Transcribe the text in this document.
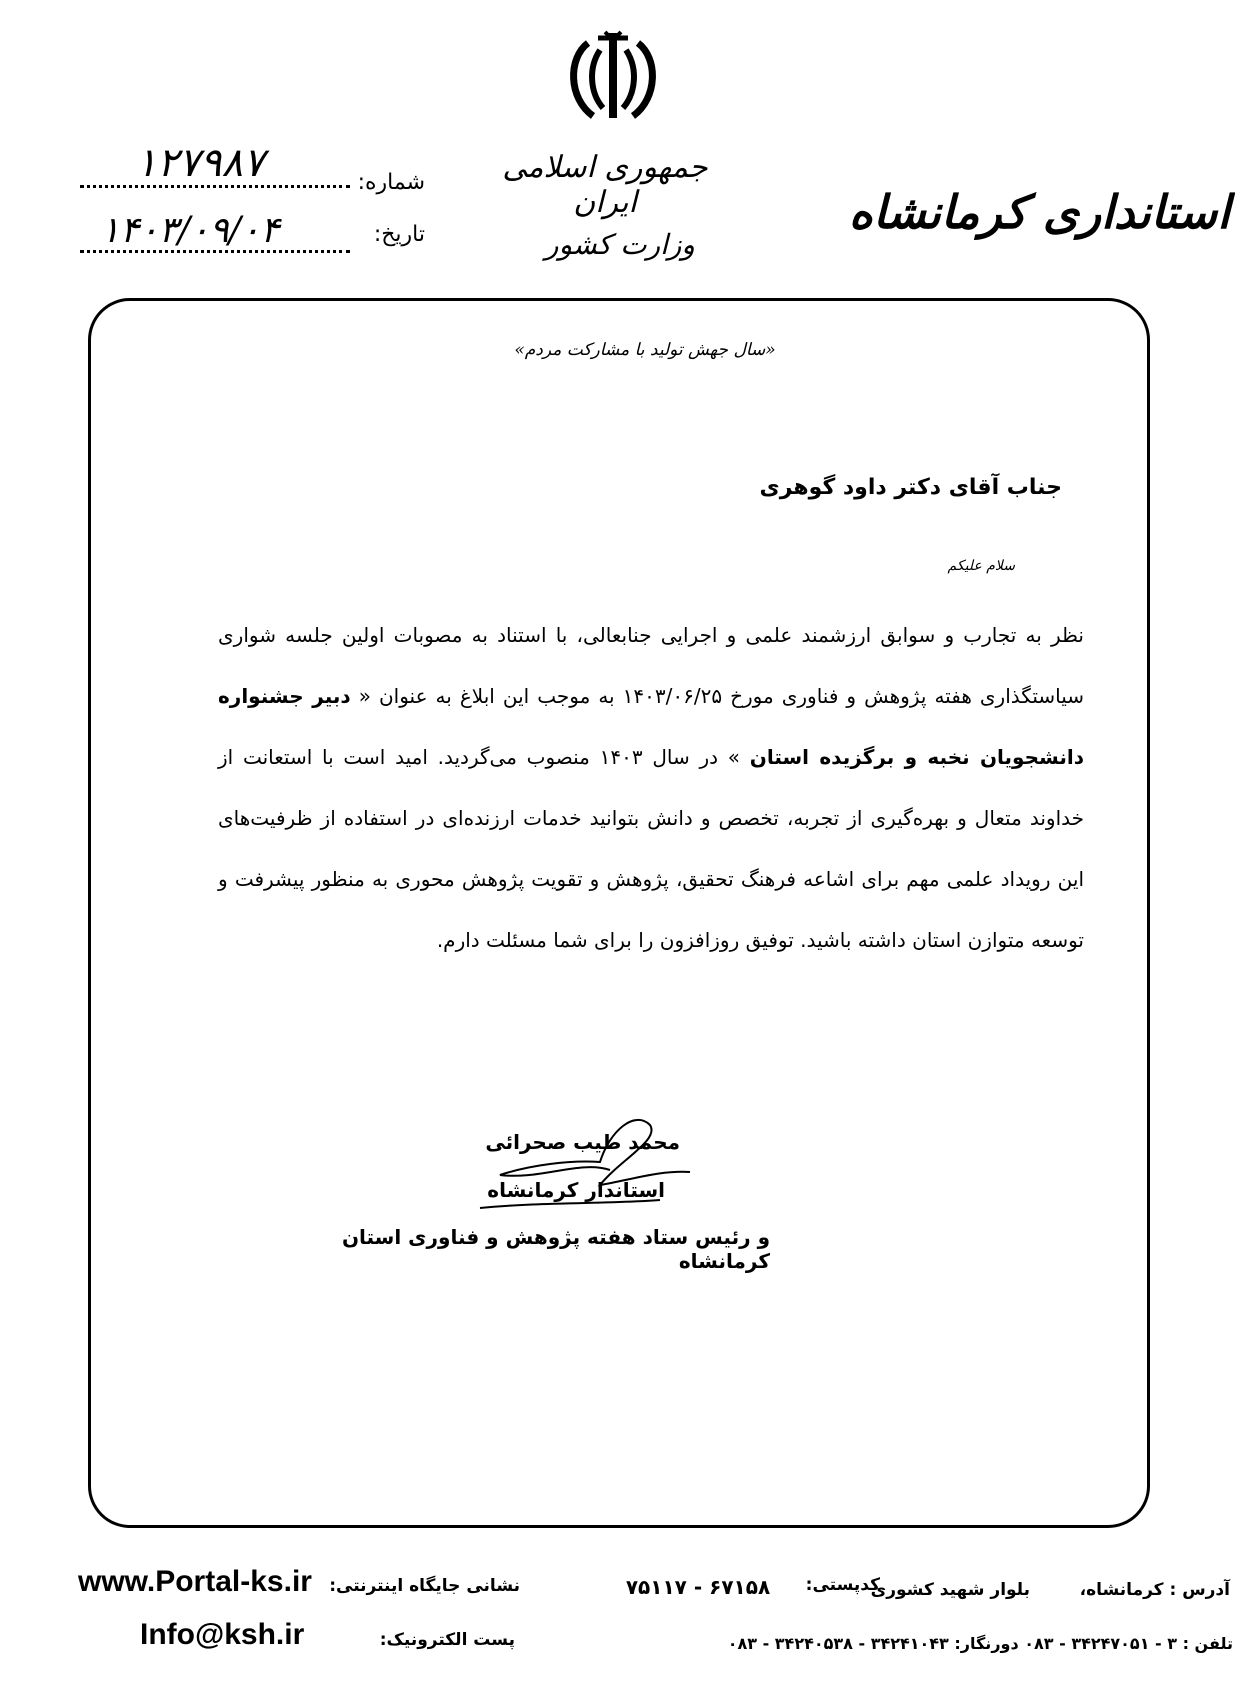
جمهوری اسلامی ایران
وزارت کشور
استانداری کرمانشاه
شماره:
۱۲۷۹۸۷
تاریخ:
۱۴۰۳/۰۹/۰۴
«سال جهش تولید با مشارکت مردم»
جناب آقای دکتر داود گوهری
سلام علیکم

نظر به تجارب و سوابق ارزشمند علمی و اجرایی جنابعالی، با استناد به مصوبات اولین جلسه شوارى سياستگذارى هفته پژوهش و فناورى مورخ ۱۴۰۳/۰۶/۲۵ به موجب اين ابلاغ به عنوان « دبیر جشنواره دانشجویان نخبه و برگزیده استان » در سال ۱۴۰۳ منصوب می‌گردید. امید است با استعانت از خداوند متعال و بهره‌گیری از تجربه، تخصص و دانش بتوانید خدمات ارزنده‌ای در استفاده از ظرفیت‌های این رویداد علمی مهم برای اشاعه فرهنگ تحقیق، پژوهش و تقویت پژوهش محوری به منظور پیشرفت و توسعه متوازن استان داشته باشید. توفیق روزافزون را برای شما مسئلت دارم.

محمد طیب صحرائی
استاندار کرمانشاه
و رئیس ستاد هفته پژوهش و فناوری استان کرمانشاه
آدرس : کرمانشاه،
بلوار شهید کشوری
کدپستی:
۶۷۱۵۸ - ۷۵۱۱۷
نشانی جایگاه اینترنتی:
www.Portal-ks.ir
تلفن : ۳ - ۳۴۲۴۷۰۵۱ - ۰۸۳ دورنگار: ۳۴۲۴۱۰۴۳ - ۳۴۲۴۰۵۳۸ - ۰۸۳
پست الکترونیک:
Info@ksh.ir
